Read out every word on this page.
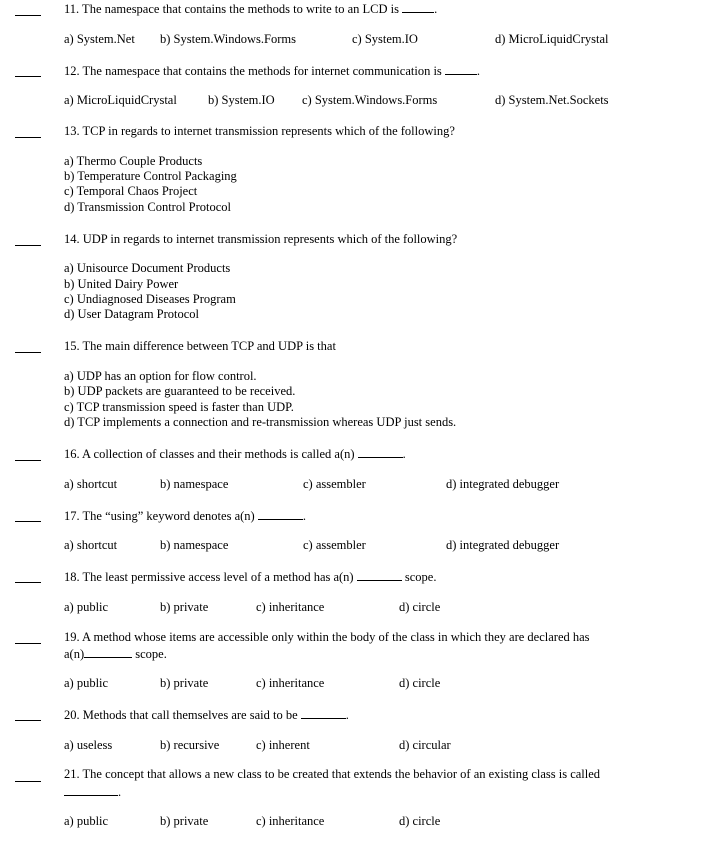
11. The namespace that contains the methods to write to an LCD is	.
a) System.Net b) System.Windows.Forms	c) System.IO	d) MicroLiquidCrystal
12. The namespace that contains the methods for internet communication is	.
a) MicroLiquidCrystal b) System.IO c) System.Windows.Forms	d) System.Net.Sockets
13. TCP in regards to internet transmission represents which of the following?
a) Thermo Couple Products
b) Temperature Control Packaging
c) Temporal Chaos Project
d) Transmission Control Protocol
14. UDP in regards to internet transmission represents which of the following?
a) Unisource Document Products
b) United Dairy Power
c) Undiagnosed Diseases Program
d) User Datagram Protocol
15. The main difference between TCP and UDP is that
a) UDP has an option for flow control.
b) UDP packets are guaranteed to be received.
c) TCP transmission speed is faster than UDP.
d) TCP implements a connection and re-transmission whereas UDP just sends.
16. A collection of classes and their methods is called a(n)	.
a) shortcut	b) namespace	c) assembler	d) integrated debugger
17. The “using” keyword denotes a(n)	.
a) shortcut	b) namespace	c) assembler	d) integrated debugger
18. The least permissive access level of a method has a(n)	scope.
a) public	b) private	c) inheritance	d) circle
19. A method whose items are accessible only within the body of the class in which they are declared has
a(n)	scope.
a) public	b) private	c) inheritance	d) circle
20. Methods that call themselves are said to be	.
a) useless	b) recursive	c) inherent	d) circular
21. The concept that allows a new class to be created that extends the behavior of an existing class is called
.
a) public	b) private	c) inheritance	d) circle
